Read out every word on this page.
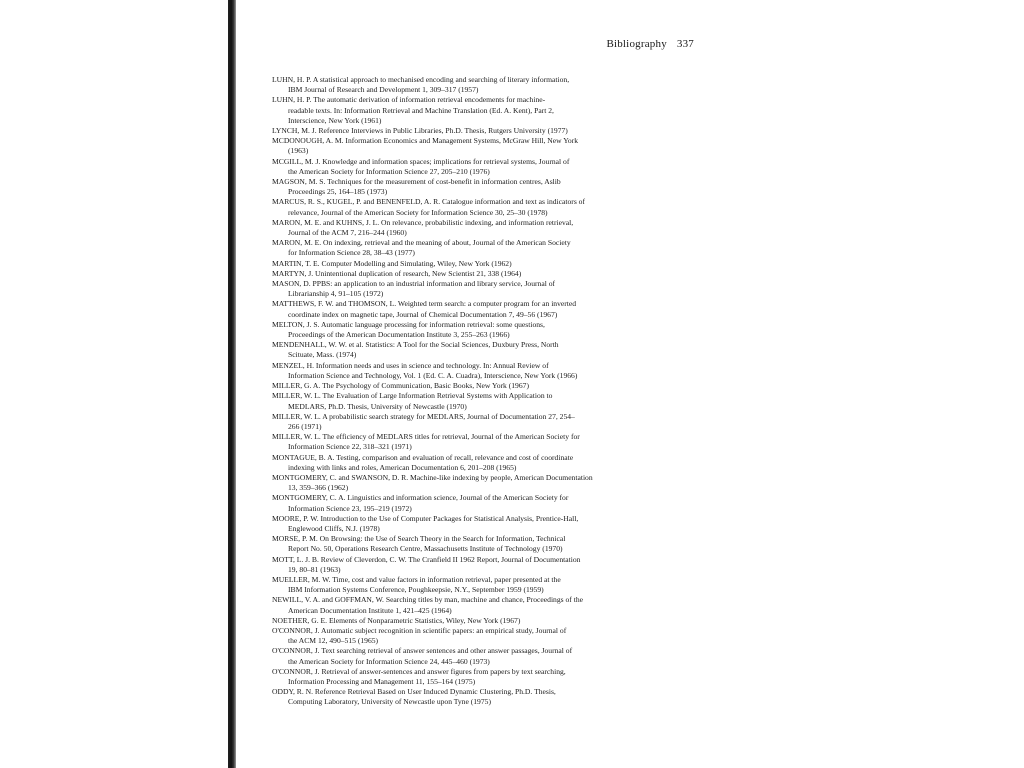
Bibliography 337
LUHN, H. P. A statistical approach to mechanised encoding and searching of literary information,
IBM Journal of Research and Development 1, 309–317 (1957)
LUHN, H. P. The automatic derivation of information retrieval encodements for machine-
readable texts. In: Information Retrieval and Machine Translation (Ed. A. Kent), Part 2,
Interscience, New York (1961)
LYNCH, M. J. Reference Interviews in Public Libraries, Ph.D. Thesis, Rutgers University (1977)
MCDONOUGH, A. M. Information Economics and Management Systems, McGraw Hill, New York
(1963)
MCGILL, M. J. Knowledge and information spaces; implications for retrieval systems, Journal of
the American Society for Information Science 27, 205–210 (1976)
MAGSON, M. S. Techniques for the measurement of cost-benefit in information centres, Aslib
Proceedings 25, 164–185 (1973)
MARCUS, R. S., KUGEL, P. and BENENFELD, A. R. Catalogue information and text as indicators of
relevance, Journal of the American Society for Information Science 30, 25–30 (1978)
MARON, M. E. and KUHNS, J. L. On relevance, probabilistic indexing, and information retrieval,
Journal of the ACM 7, 216–244 (1960)
MARON, M. E. On indexing, retrieval and the meaning of about, Journal of the American Society
for Information Science 28, 38–43 (1977)
MARTIN, T. E. Computer Modelling and Simulating, Wiley, New York (1962)
MARTYN, J. Unintentional duplication of research, New Scientist 21, 338 (1964)
MASON, D. PPBS: an application to an industrial information and library service, Journal of
Librarianship 4, 91–105 (1972)
MATTHEWS, F. W. and THOMSON, L. Weighted term search: a computer program for an inverted
coordinate index on magnetic tape, Journal of Chemical Documentation 7, 49–56 (1967)
MELTON, J. S. Automatic language processing for information retrieval: some questions,
Proceedings of the American Documentation Institute 3, 255–263 (1966)
MENDENHALL, W. W. et al. Statistics: A Tool for the Social Sciences, Duxbury Press, North
Scituate, Mass. (1974)
MENZEL, H. Information needs and uses in science and technology. In: Annual Review of
Information Science and Technology, Vol. 1 (Ed. C. A. Cuadra), Interscience, New York (1966)
MILLER, G. A. The Psychology of Communication, Basic Books, New York (1967)
MILLER, W. L. The Evaluation of Large Information Retrieval Systems with Application to
MEDLARS, Ph.D. Thesis, University of Newcastle (1970)
MILLER, W. L. A probabilistic search strategy for MEDLARS, Journal of Documentation 27, 254–
266 (1971)
MILLER, W. L. The efficiency of MEDLARS titles for retrieval, Journal of the American Society for
Information Science 22, 318–321 (1971)
MONTAGUE, B. A. Testing, comparison and evaluation of recall, relevance and cost of coordinate
indexing with links and roles, American Documentation 6, 201–208 (1965)
MONTGOMERY, C. and SWANSON, D. R. Machine-like indexing by people, American Documentation
13, 359–366 (1962)
MONTGOMERY, C. A. Linguistics and information science, Journal of the American Society for
Information Science 23, 195–219 (1972)
MOORE, P. W. Introduction to the Use of Computer Packages for Statistical Analysis, Prentice-Hall,
Englewood Cliffs, N.J. (1978)
MORSE, P. M. On Browsing: the Use of Search Theory in the Search for Information, Technical
Report No. 50, Operations Research Centre, Massachusetts Institute of Technology (1970)
MOTT, L. J. B. Review of Cleverdon, C. W. The Cranfield II 1962 Report, Journal of Documentation
19, 80–81 (1963)
MUELLER, M. W. Time, cost and value factors in information retrieval, paper presented at the
IBM Information Systems Conference, Poughkeepsie, N.Y., September 1959 (1959)
NEWILL, V. A. and GOFFMAN, W. Searching titles by man, machine and chance, Proceedings of the
American Documentation Institute 1, 421–425 (1964)
NOETHER, G. E. Elements of Nonparametric Statistics, Wiley, New York (1967)
O'CONNOR, J. Automatic subject recognition in scientific papers: an empirical study, Journal of
the ACM 12, 490–515 (1965)
O'CONNOR, J. Text searching retrieval of answer sentences and other answer passages, Journal of
the American Society for Information Science 24, 445–460 (1973)
O'CONNOR, J. Retrieval of answer-sentences and answer figures from papers by text searching,
Information Processing and Management 11, 155–164 (1975)
ODDY, R. N. Reference Retrieval Based on User Induced Dynamic Clustering, Ph.D. Thesis,
Computing Laboratory, University of Newcastle upon Tyne (1975)
